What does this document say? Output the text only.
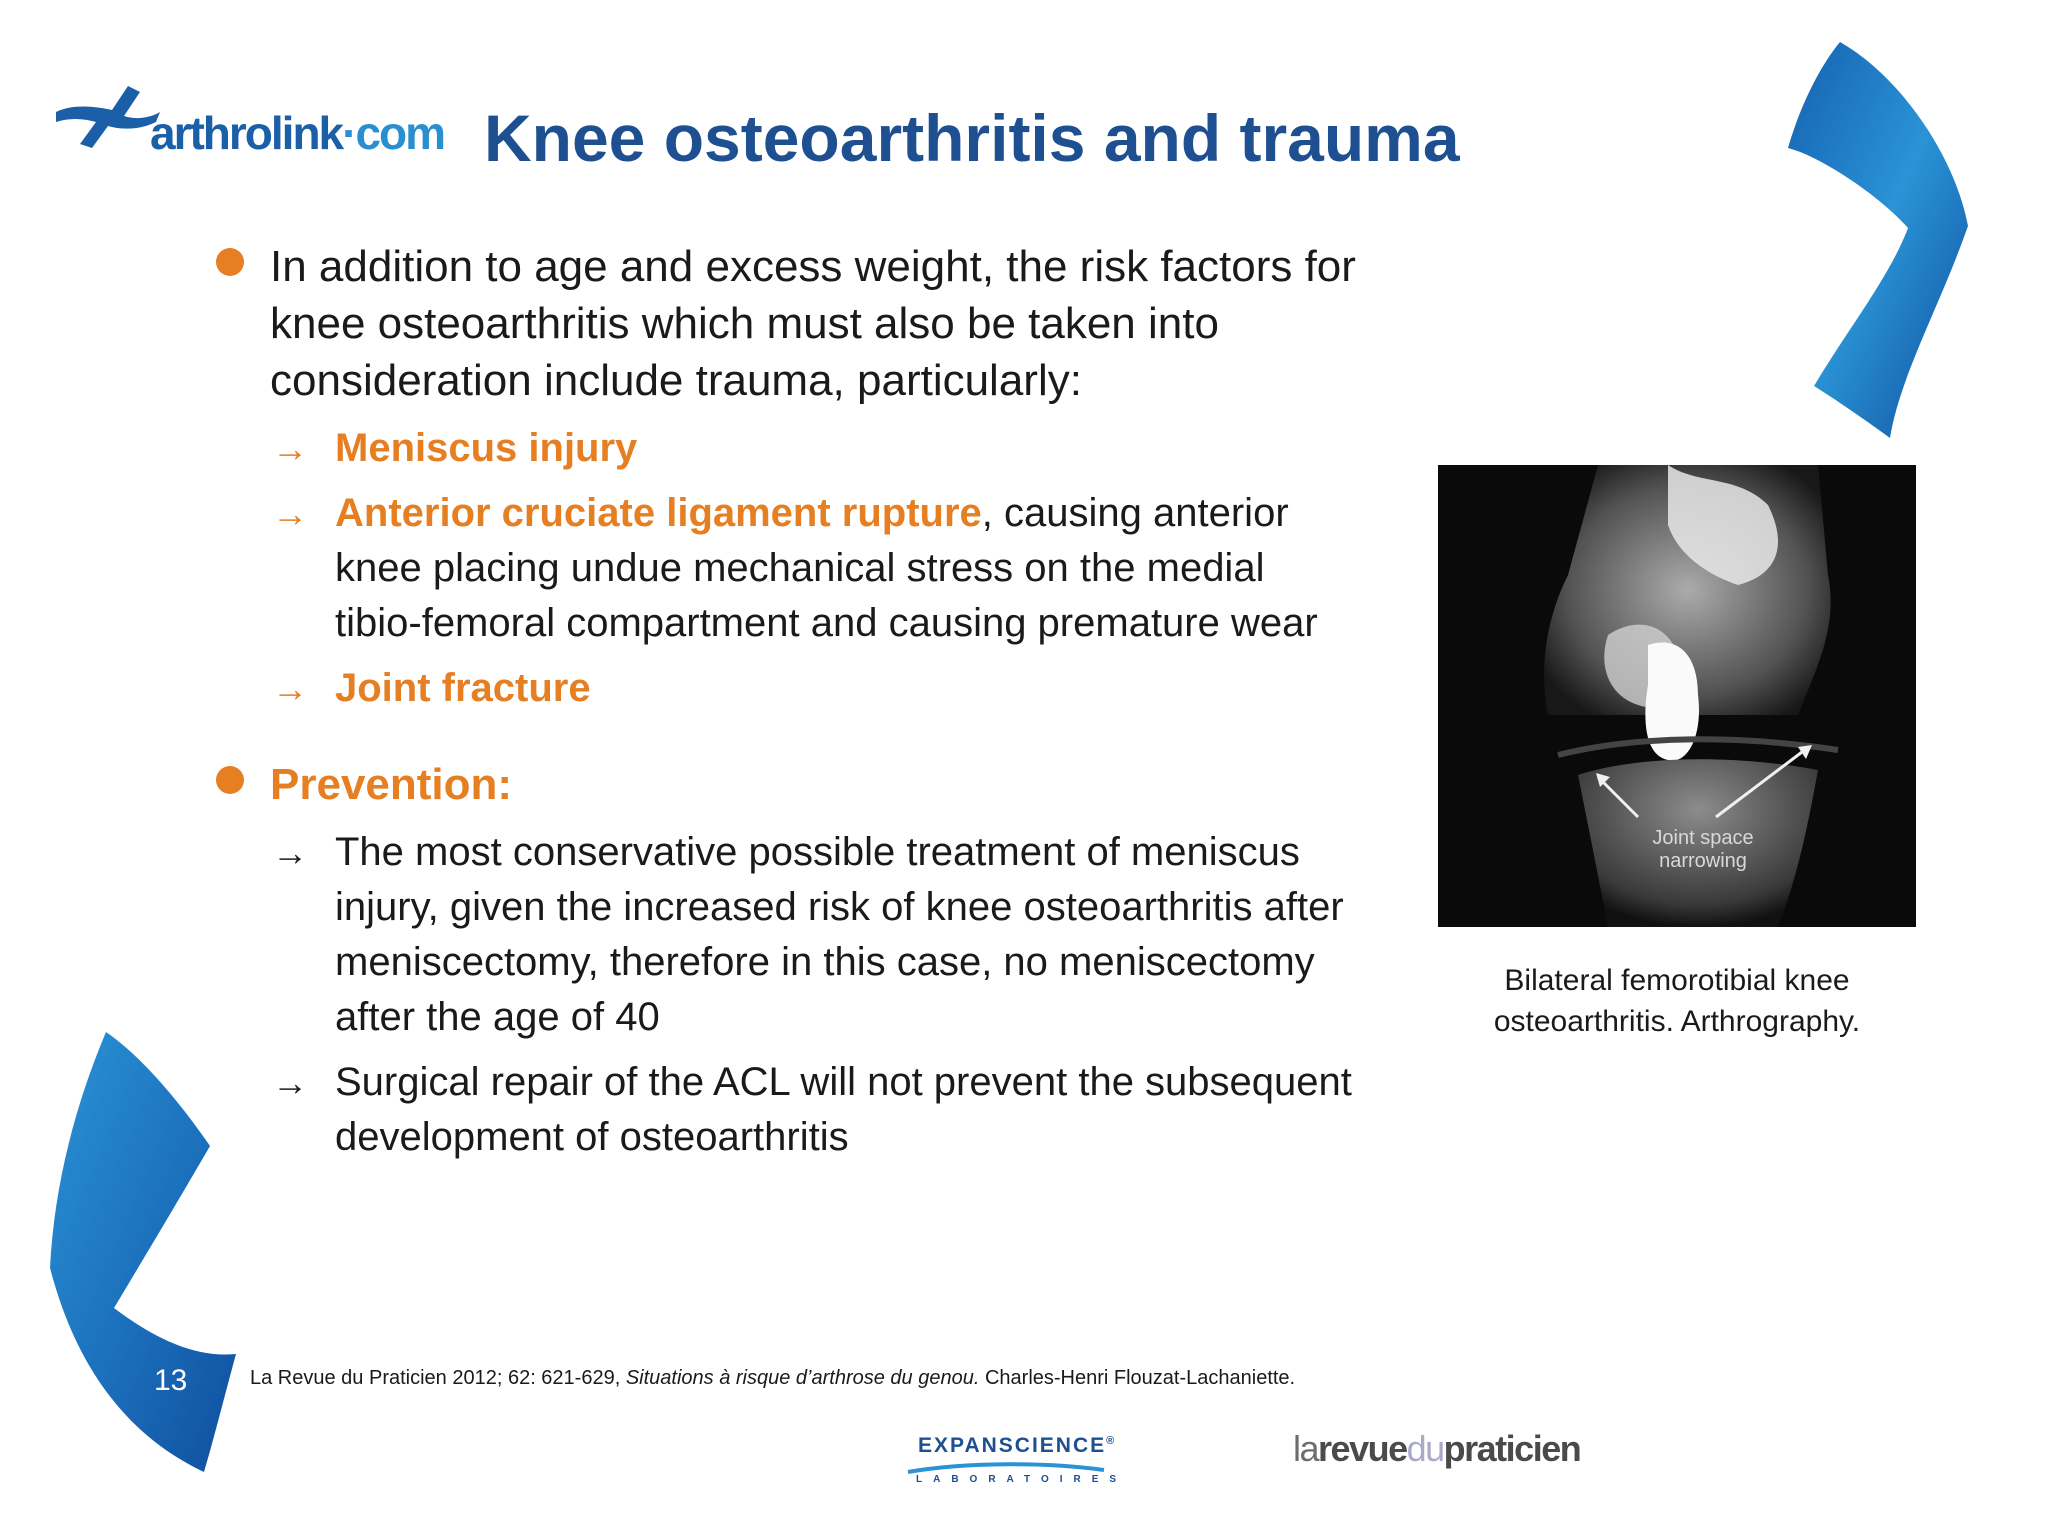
arthrolink·com Knee osteoarthritis and trauma
In addition to age and excess weight, the risk factors for knee osteoarthritis which must also be taken into consideration include trauma, particularly:
→ Meniscus injury
→ Anterior cruciate ligament rupture, causing anterior knee placing undue mechanical stress on the medial tibio-femoral compartment and causing premature wear
→ Joint fracture
Prevention:
→ The most conservative possible treatment of meniscus injury, given the increased risk of knee osteoarthritis after meniscectomy, therefore in this case, no meniscectomy after the age of 40
→ Surgical repair of the ACL will not prevent the subsequent development of osteoarthritis
Joint space narrowing
Bilateral femorotibial knee osteoarthritis. Arthrography.
13	La Revue du Praticien 2012; 62: 621-629, Situations à risque d’arthrose du genou. Charles-Henri Flouzat-Lachaniette.
EXPANSCIENCE®
LABORATOIRES
larevuedupraticien
